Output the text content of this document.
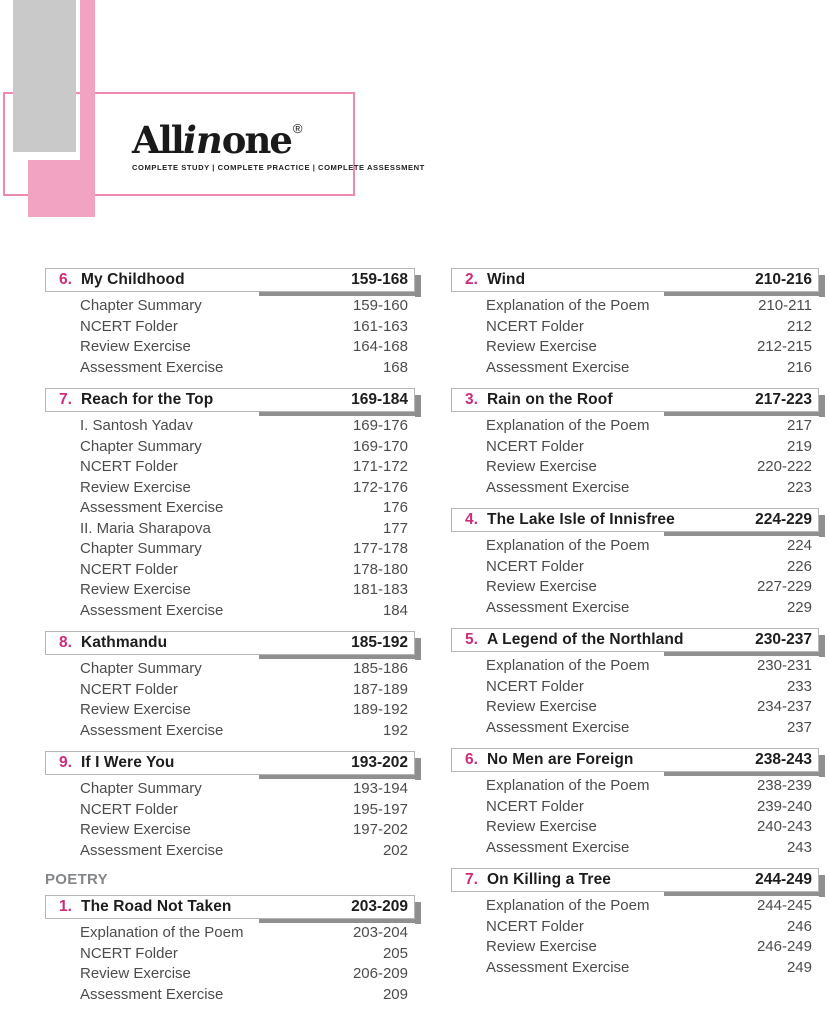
Allinone ®
COMPLETE STUDY | COMPLETE PRACTICE | COMPLETE ASSESSMENT
6. My Childhood	159-168
Chapter Summary	159-160
NCERT Folder	161-163
Review Exercise	164-168
Assessment Exercise	168
7. Reach for the Top	169-184
I. Santosh Yadav	169-176
Chapter Summary	169-170
NCERT Folder	171-172
Review Exercise	172-176
Assessment Exercise	176
II. Maria Sharapova	177
Chapter Summary	177-178
NCERT Folder	178-180
Review Exercise	181-183
Assessment Exercise	184
8. Kathmandu	185-192
Chapter Summary	185-186
NCERT Folder	187-189
Review Exercise	189-192
Assessment Exercise	192
9. If I Were You	193-202
Chapter Summary	193-194
NCERT Folder	195-197
Review Exercise	197-202
Assessment Exercise	202
POETRY
1. The Road Not Taken	203-209
Explanation of the Poem	203-204
NCERT Folder	205
Review Exercise	206-209
Assessment Exercise	209
2. Wind	210-216
Explanation of the Poem	210-211
NCERT Folder	212
Review Exercise	212-215
Assessment Exercise	216
3. Rain on the Roof	217-223
Explanation of the Poem	217
NCERT Folder	219
Review Exercise	220-222
Assessment Exercise	223
4. The Lake Isle of Innisfree	224-229
Explanation of the Poem	224
NCERT Folder	226
Review Exercise	227-229
Assessment Exercise	229
5. A Legend of the Northland	230-237
Explanation of the Poem	230-231
NCERT Folder	233
Review Exercise	234-237
Assessment Exercise	237
6. No Men are Foreign	238-243
Explanation of the Poem	238-239
NCERT Folder	239-240
Review Exercise	240-243
Assessment Exercise	243
7. On Killing a Tree	244-249
Explanation of the Poem	244-245
NCERT Folder	246
Review Exercise	246-249
Assessment Exercise	249
